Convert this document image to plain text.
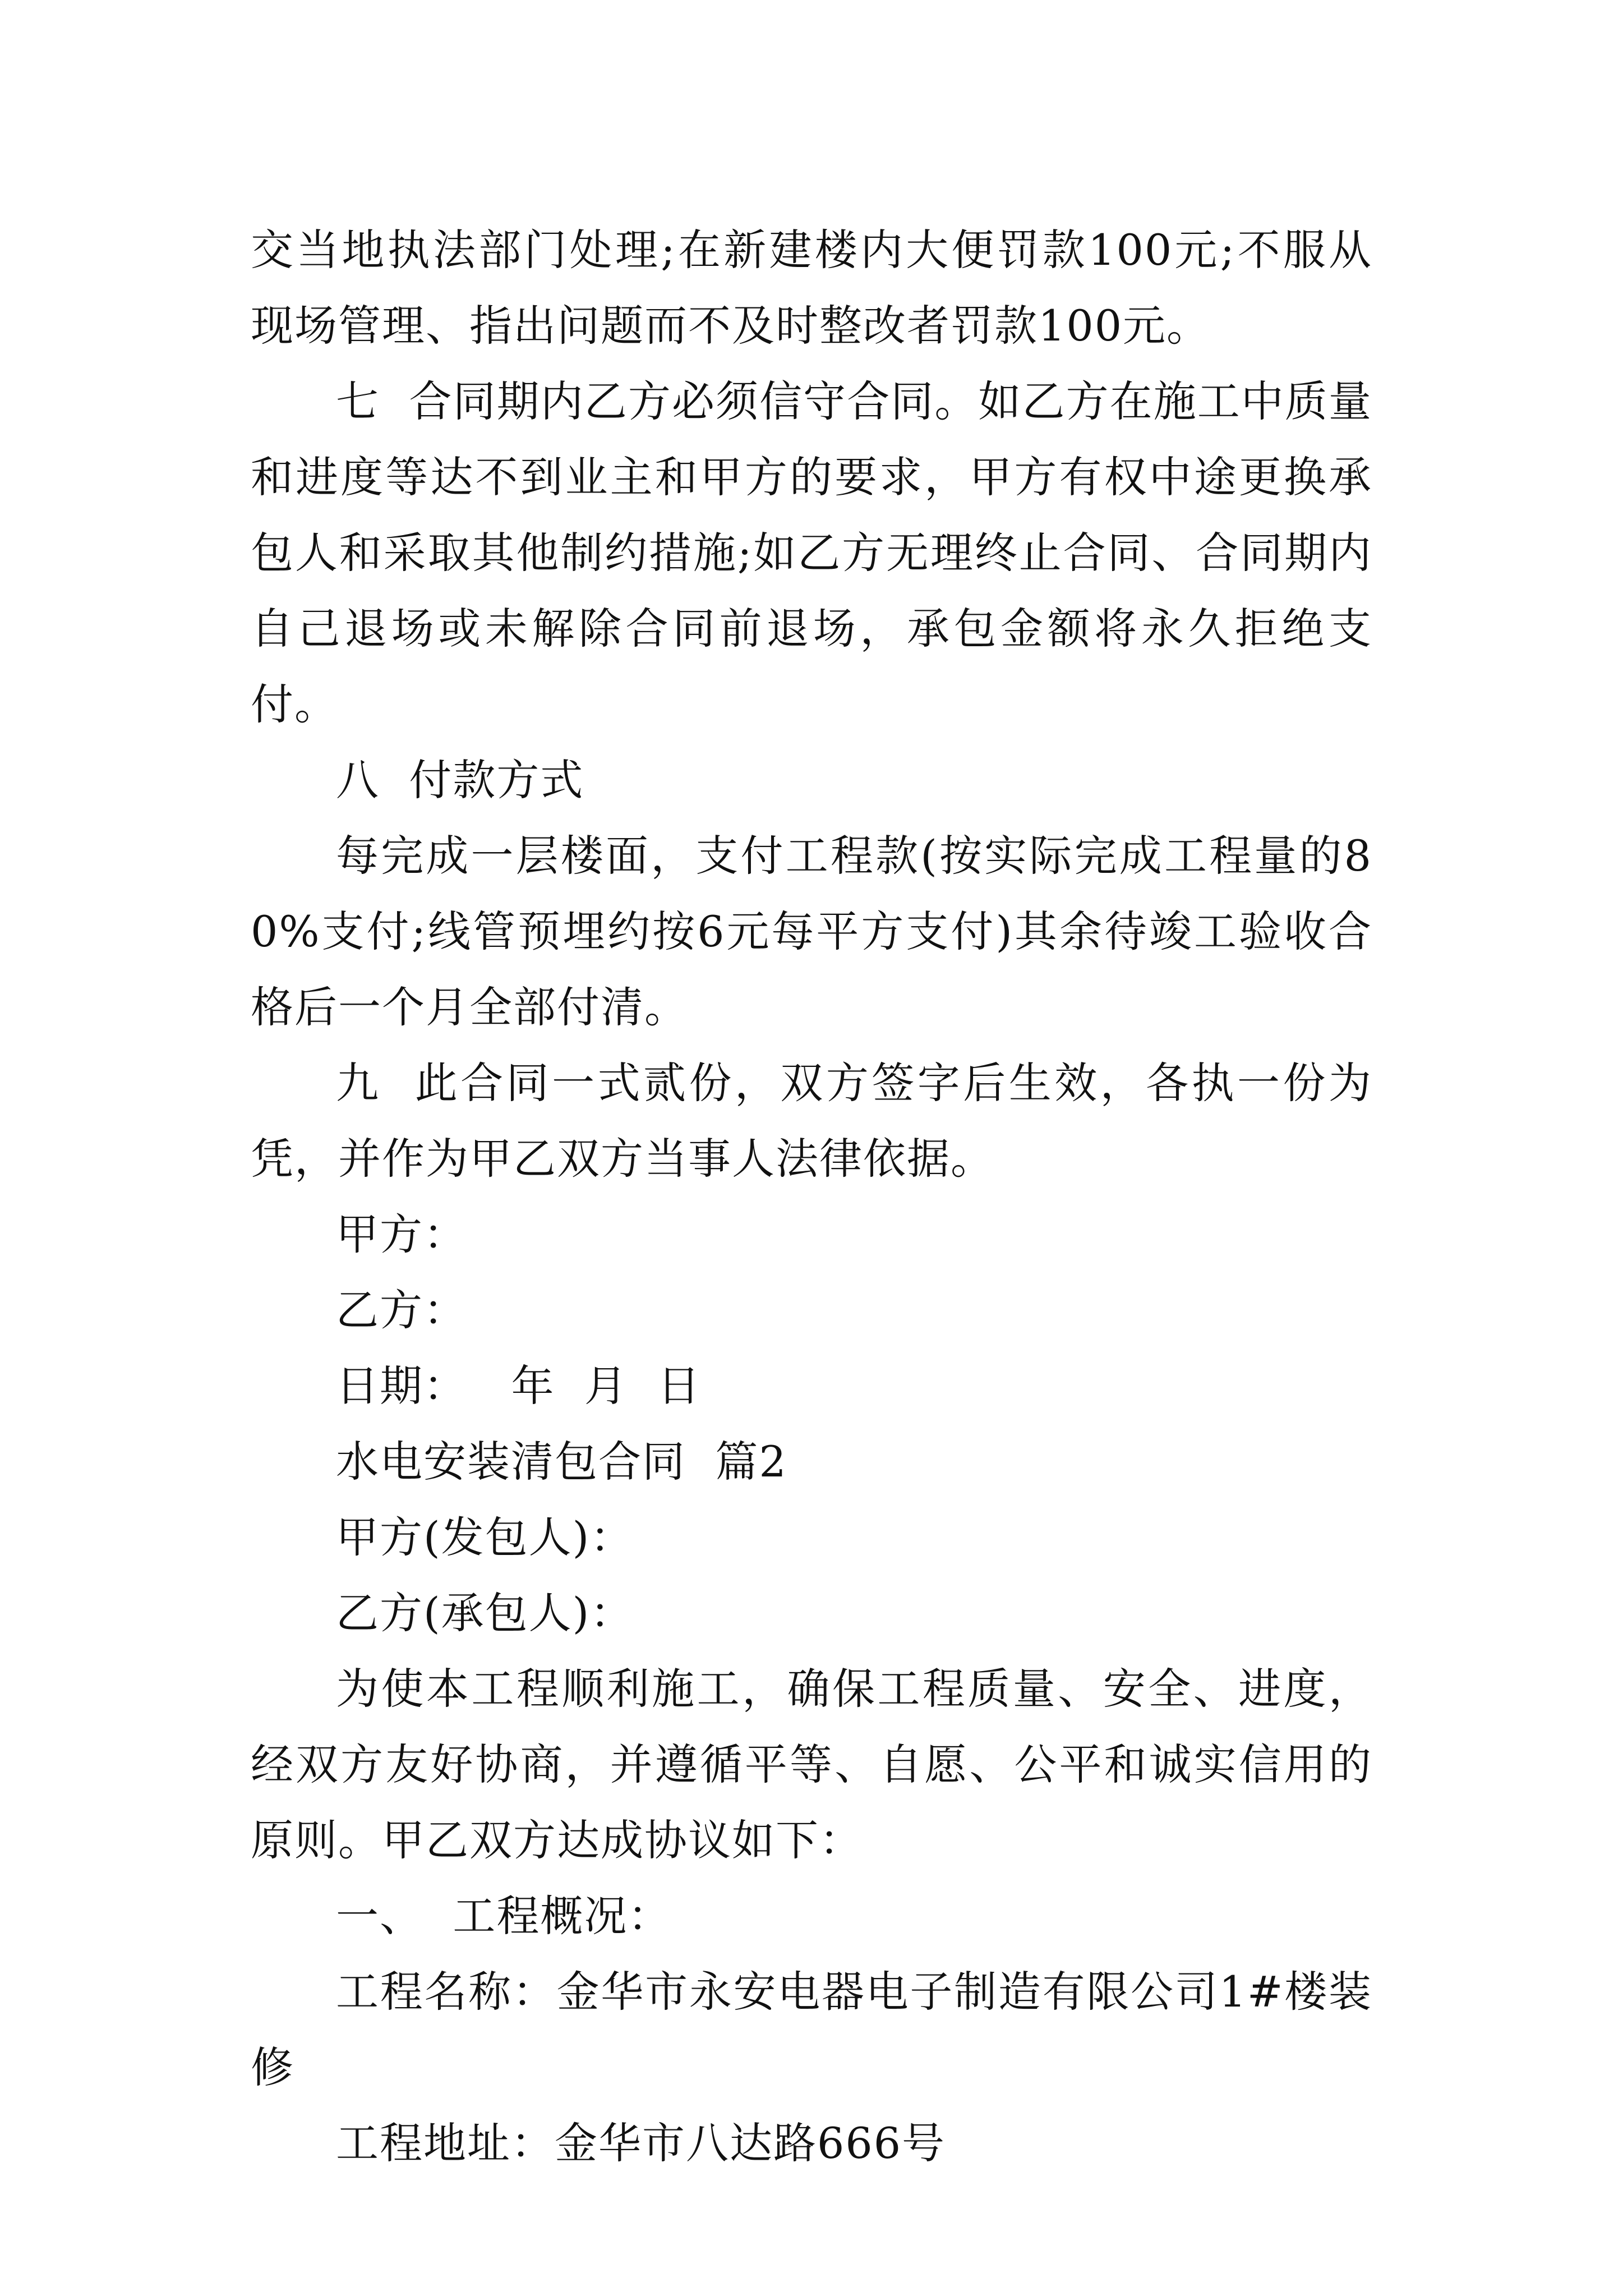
交当地执法部门处理;在新建楼内大便罚款100元;不服从现场管理、指出问题而不及时整改者罚款100元。

七  合同期内乙方必须信守合同。如乙方在施工中质量和进度等达不到业主和甲方的要求，甲方有权中途更换承包人和采取其他制约措施;如乙方无理终止合同、合同期内自己退场或未解除合同前退场，承包金额将永久拒绝支付。

八  付款方式

每完成一层楼面，支付工程款(按实际完成工程量的80%支付;线管预埋约按6元每平方支付)其余待竣工验收合格后一个月全部付清。

九  此合同一式贰份，双方签字后生效，各执一份为凭，并作为甲乙双方当事人法律依据。

甲方：

乙方：

日期：   年  月  日

水电安装清包合同  篇2

甲方(发包人)：

乙方(承包人)：

为使本工程顺利施工，确保工程质量、安全、进度，经双方友好协商，并遵循平等、自愿、公平和诚实信用的原则。甲乙双方达成协议如下：

一、  工程概况：

工程名称：金华市永安电器电子制造有限公司1#楼装修

工程地址：金华市八达路666号
